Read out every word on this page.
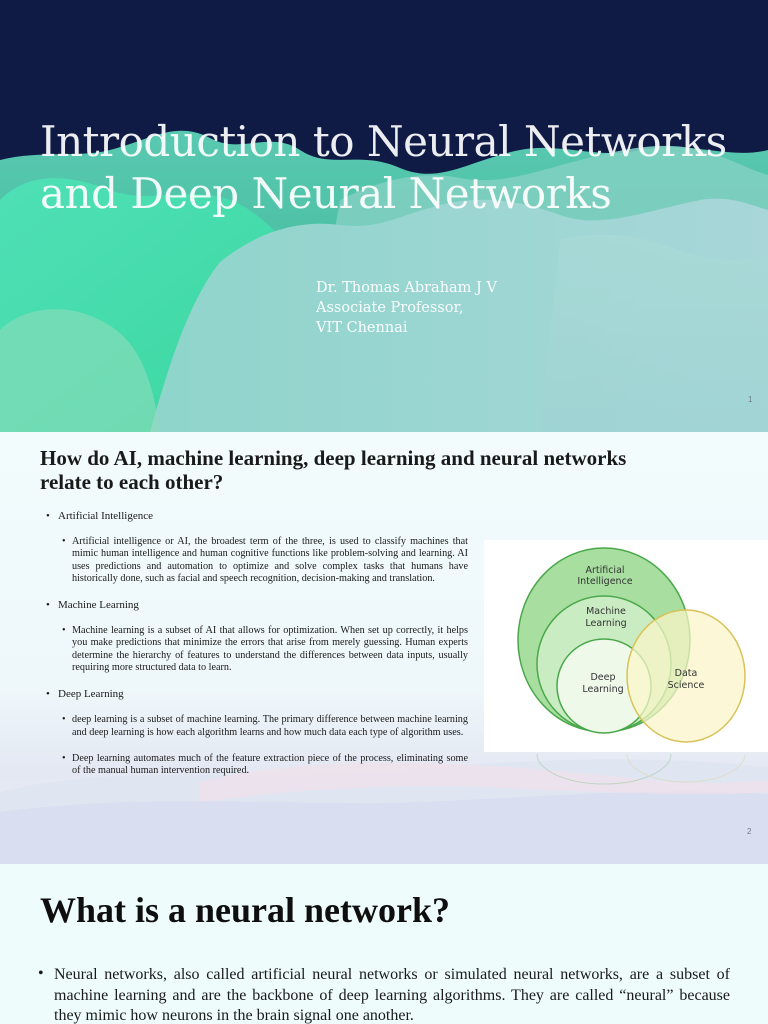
Introduction to Neural Networks
and Deep Neural Networks
Dr. Thomas Abraham J V
Associate Professor,
VIT Chennai
1
How do AI, machine learning, deep learning and neural networks
relate to each other?
• Artificial Intelligence
• Artificial intelligence or AI, the broadest term of the three, is used to classify machines that mimic human intelligence and human cognitive functions like problem-solving and learning. AI uses predictions and automation to optimize and solve complex tasks that humans have historically done, such as facial and speech recognition, decision-making and translation.
• Machine Learning
• Machine learning is a subset of AI that allows for optimization. When set up correctly, it helps you make predictions that minimize the errors that arise from merely guessing. Human experts determine the hierarchy of features to understand the differences between data inputs, usually requiring more structured data to learn.
• Deep Learning
• deep learning is a subset of machine learning. The primary difference between machine learning and deep learning is how each algorithm learns and how much data each type of algorithm uses.
• Deep learning automates much of the feature extraction piece of the process, eliminating some of the manual human intervention required.
Artificial
Intelligence
Machine
Learning
Deep
Learning
Data
Science
2
What is a neural network?
• Neural networks, also called artificial neural networks or simulated neural networks, are a subset of machine learning and are the backbone of deep learning algorithms. They are called “neural” because they mimic how neurons in the brain signal one another.
